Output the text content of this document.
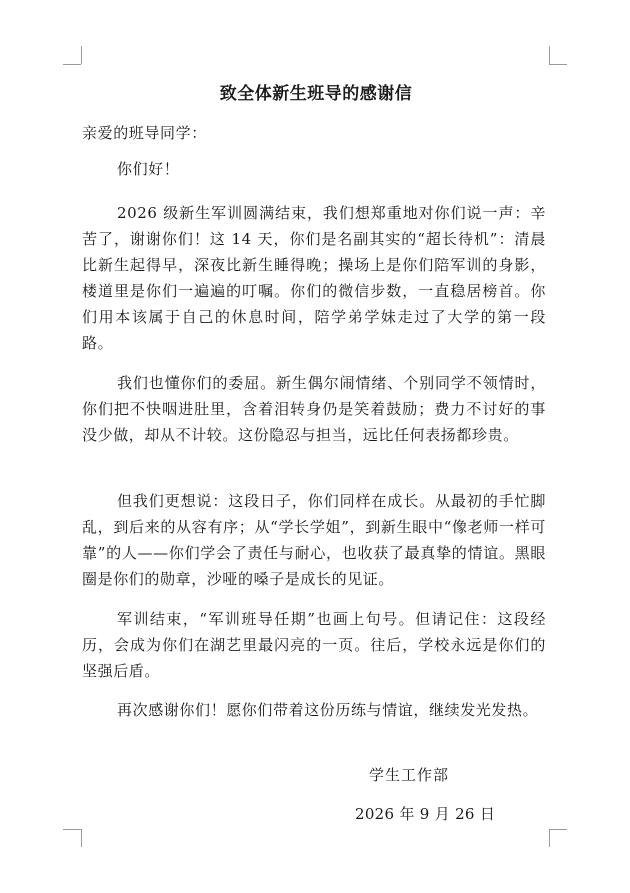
致全体新生班导的感谢信
亲爱的班导同学：
你们好！
2026 级新生军训圆满结束，我们想郑重地对你们说一声：辛苦了，谢谢你们！这 14 天，你们是名副其实的“超长待机”：清晨比新生起得早，深夜比新生睡得晚；操场上是你们陪军训的身影，楼道里是你们一遍遍的叮嘱。你们的微信步数，一直稳居榜首。你们用本该属于自己的休息时间，陪学弟学妹走过了大学的第一段路。
我们也懂你们的委屈。新生偶尔闹情绪、个别同学不领情时，你们把不快咽进肚里，含着泪转身仍是笑着鼓励；费力不讨好的事没少做，却从不计较。这份隐忍与担当，远比任何表扬都珍贵。
但我们更想说：这段日子，你们同样在成长。从最初的手忙脚乱，到后来的从容有序；从“学长学姐”，到新生眼中“像老师一样可靠”的人——你们学会了责任与耐心，也收获了最真挚的情谊。黑眼圈是你们的勋章，沙哑的嗓子是成长的见证。
军训结束，“军训班导任期”也画上句号。但请记住：这段经历，会成为你们在湖艺里最闪亮的一页。往后，学校永远是你们的坚强后盾。
再次感谢你们！愿你们带着这份历练与情谊，继续发光发热。
学生工作部
2026 年 9 月 26 日
